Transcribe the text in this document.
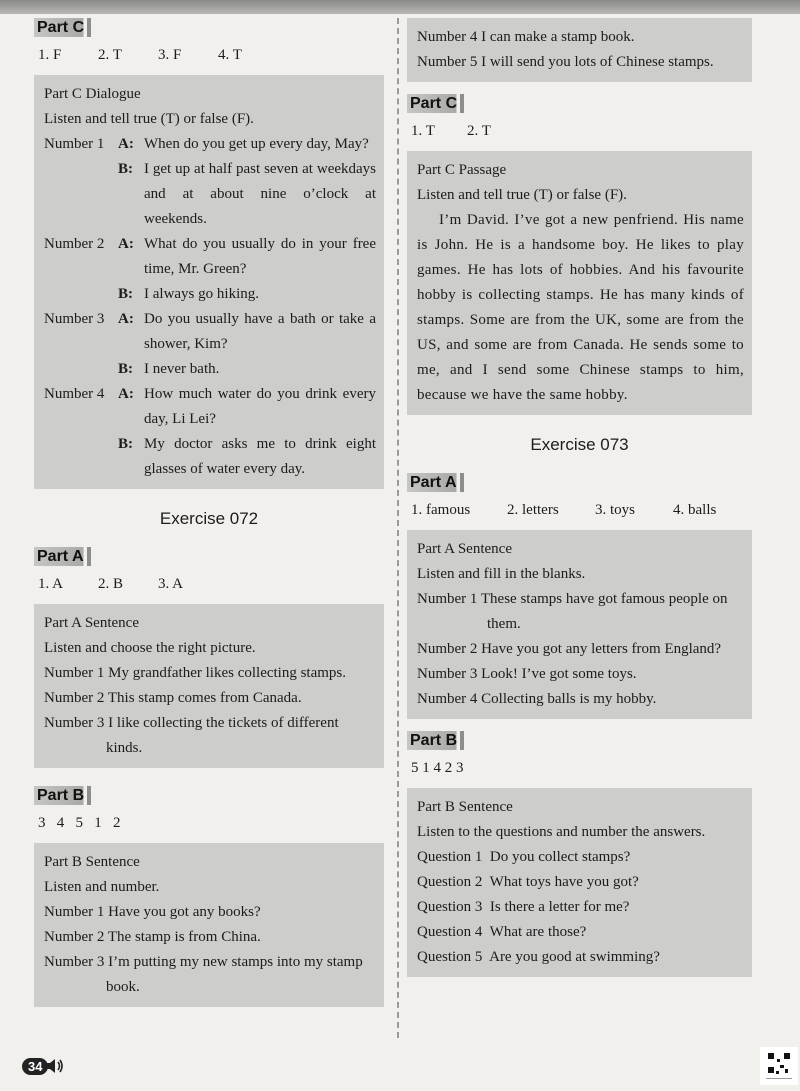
Part C
1. F 2. T 3. F 4. T
Part C Dialogue
Listen and tell true (T) or false (F).
Number 1 A: When do you get up every day, May?
B: I get up at half past seven at weekdays and at about nine o’clock at weekends.
Number 2 A: What do you usually do in your free time, Mr. Green?
B: I always go hiking.
Number 3 A: Do you usually have a bath or take a shower, Kim?
B: I never bath.
Number 4 A: How much water do you drink every day, Li Lei?
B: My doctor asks me to drink eight glasses of water every day.
Exercise 072
Part A
1. A 2. B 3. A
Part A Sentence
Listen and choose the right picture.
Number 1 My grandfather likes collecting stamps.
Number 2 This stamp comes from Canada.
Number 3 I like collecting the tickets of different kinds.
Part B
3   4   5   1   2
Part B Sentence
Listen and number.
Number 1 Have you got any books?
Number 2 The stamp is from China.
Number 3 I’m putting my new stamps into my stamp book.
Number 4 I can make a stamp book.
Number 5 I will send you lots of Chinese stamps.
Part C
1. T 2. T
Part C Passage
Listen and tell true (T) or false (F).
I’m David. I’ve got a new penfriend. His name is John. He is a handsome boy. He likes to play games. He has lots of hobbies. And his favourite hobby is collecting stamps. He has many kinds of stamps. Some are from the UK, some are from the US, and some are from Canada. He sends some to me, and I send some Chinese stamps to him, because we have the same hobby.
Exercise 073
Part A
1. famous 2. letters 3. toys	4. balls
Part A Sentence
Listen and fill in the blanks.
Number 1 These stamps have got famous people on them.
Number 2 Have you got any letters from England?
Number 3 Look! I’ve got some toys.
Number 4 Collecting balls is my hobby.
Part B
5 1 4 2 3
Part B Sentence
Listen to the questions and number the answers.
Question 1 Do you collect stamps?
Question 2 What toys have you got?
Question 3 Is there a letter for me?
Question 4 What are those?
Question 5 Are you good at swimming?
34
